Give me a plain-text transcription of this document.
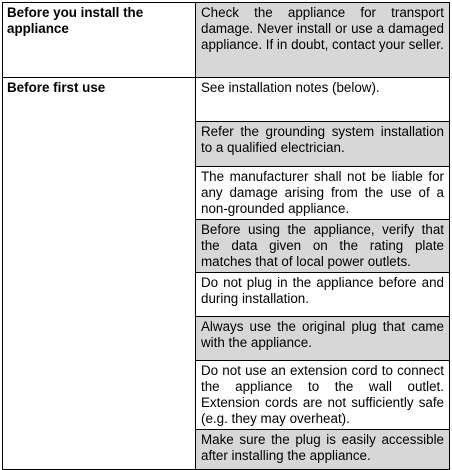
Before you install the appliance	Check the appliance for transport damage. Never install or use a damaged appliance. If in doubt, contact your seller.

Before first use	See installation notes (below).

	Refer the grounding system installation to a qualified electrician.

	The manufacturer shall not be liable for any damage arising from the use of a non-grounded appliance.

	Before using the appliance, verify that the data given on the rating plate matches that of local power outlets.

	Do not plug in the appliance before and during installation.

	Always use the original plug that came with the appliance.

	Do not use an extension cord to connect the appliance to the wall outlet. Extension cords are not sufficiently safe (e.g. they may overheat).

	Make sure the plug is easily accessible after installing the appliance.
